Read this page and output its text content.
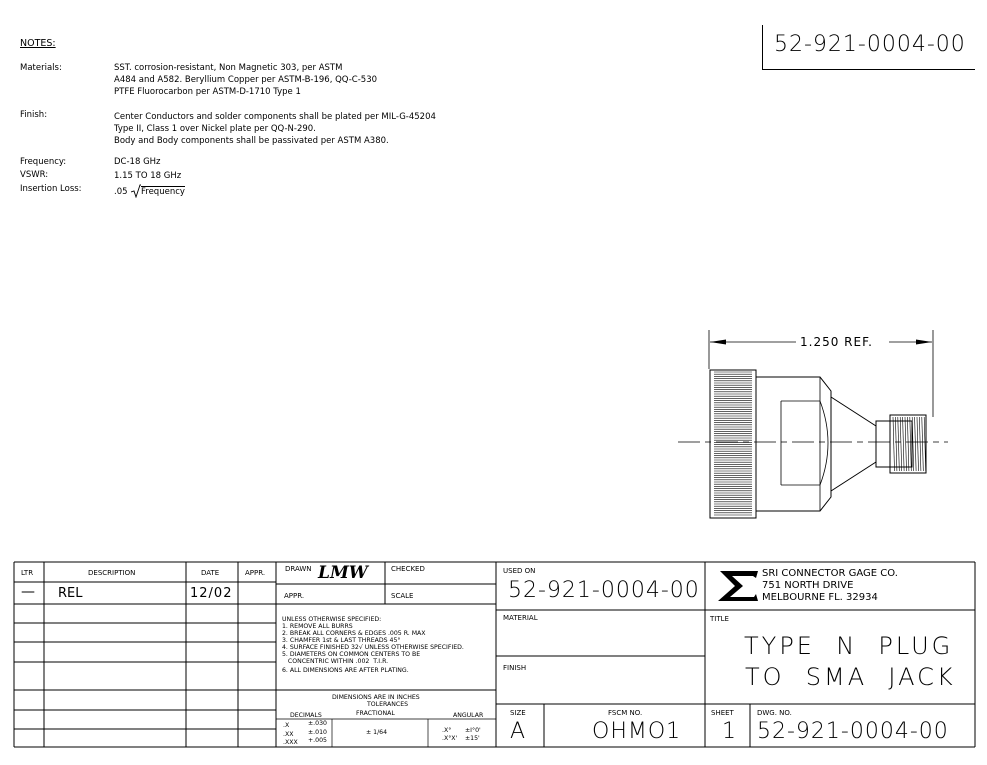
52-921-0004-00
NOTES:
Materials:	SST. corrosion-resistant, Non Magnetic 303, per ASTM
A484 and A582. Beryllium Copper per ASTM-B-196, QQ-C-530
PTFE Fluorocarbon per ASTM-D-1710 Type 1
Finish:	Center Conductors and solder components shall be plated per MIL-G-45204
Type II, Class 1 over Nickel plate per QQ-N-290.
Body and Body components shall be passivated per ASTM A380.
Frequency:	DC-18 GHz
VSWR:	1.15 TO 18 GHz
Insertion Loss:	.05 Frequency
1.250 REF.
LTR	DESCRIPTION	DATE	APPR.
— REL	12/02
DRAWN LMW	CHECKED
APPR.	SCALE
UNLESS OTHERWISE SPECIFIED:
1. REMOVE ALL BURRS
2. BREAK ALL CORNERS & EDGES .005 R. MAX
3. CHAMFER 1st & LAST THREADS 45°
4. SURFACE FINISHED 32√ UNLESS OTHERWISE SPECIFIED.
5. DIAMETERS ON COMMON CENTERS TO BE
CONCENTRIC WITHIN .002  T.I.R.
6. ALL DIMENSIONS ARE AFTER PLATING.
DIMENSIONS ARE IN INCHES
TOLERANCES
DECIMALS	FRACTIONAL	ANGULAR
.X	±.030
.XX ±.010
.XXX +.005
± 1/64	.X° ±I°0'
.X°X' ±15'
USED ON
52-921-0004-00
MATERIAL
FINISH
SRI CONNECTOR GAGE CO.
751 NORTH DRIVE
MELBOURNE FL. 32934
TITLE
TYPE  N  PLUG
TO  SMA  JACK
SIZE
A
FSCM NO.
OHMO1
SHEET
1
DWG. NO.
52-921-0004-00
